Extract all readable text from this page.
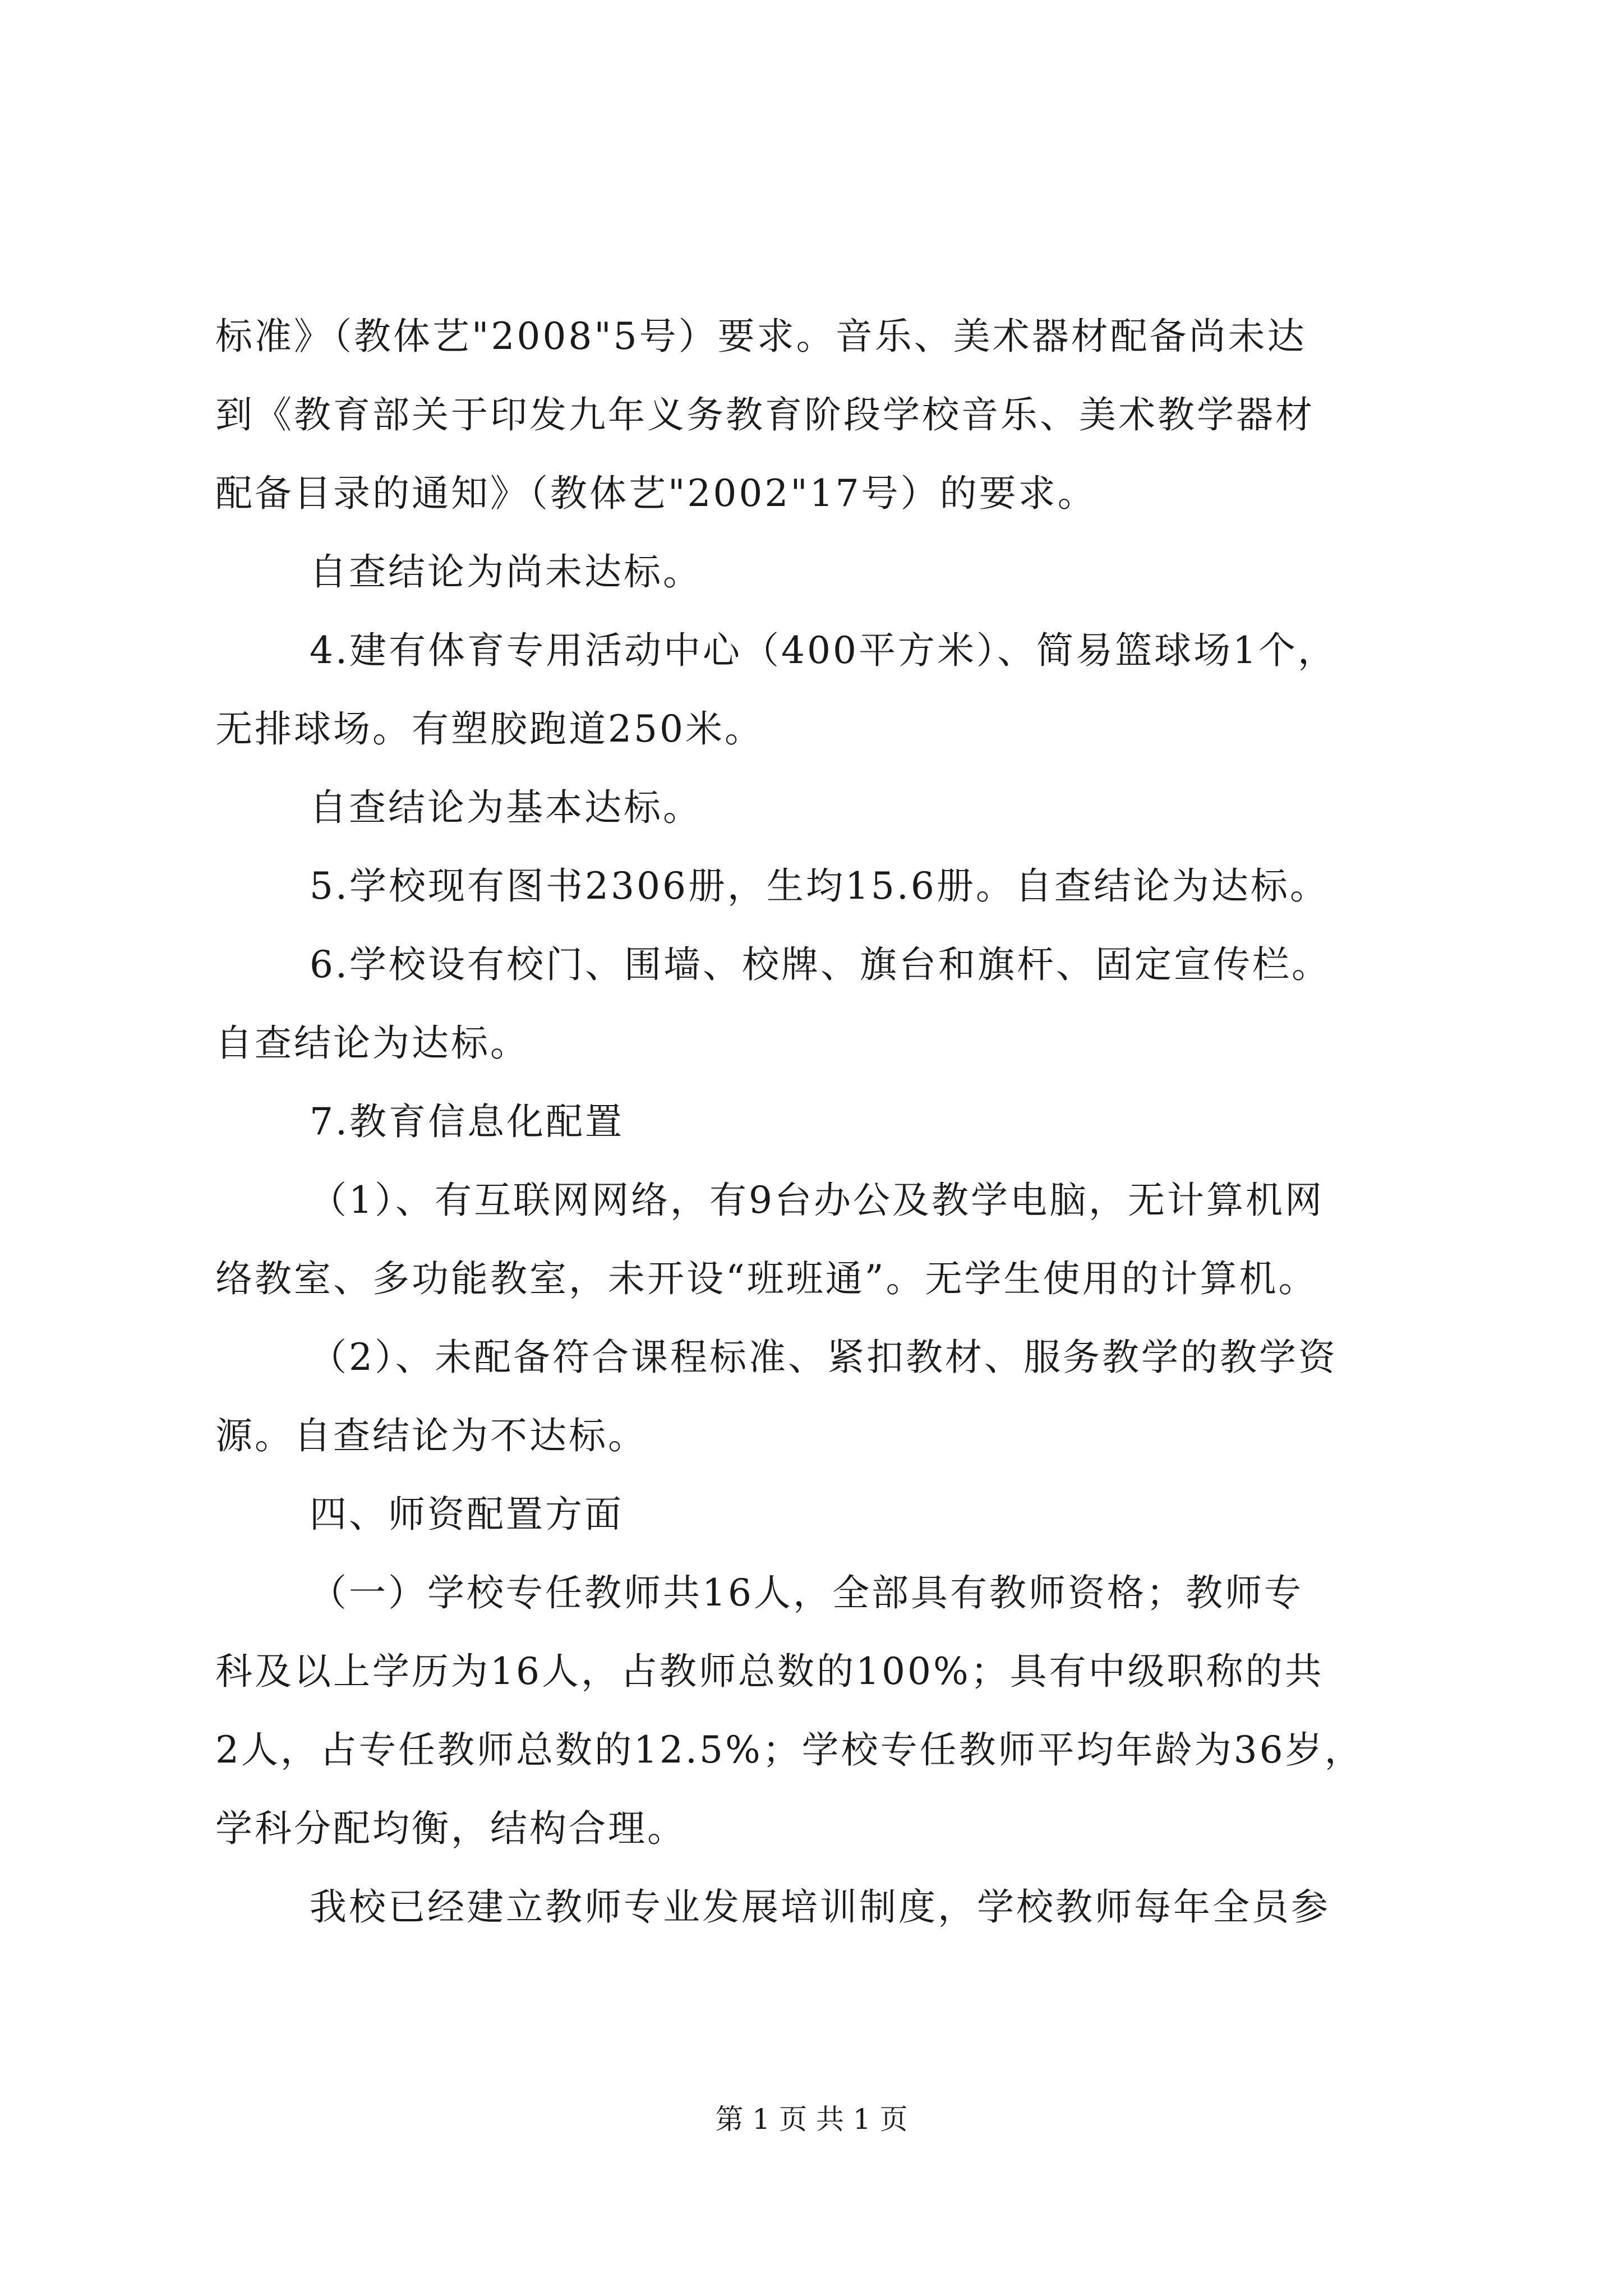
标准》（教体艺"2008"5号）要求。音乐、美术器材配备尚未达
到《教育部关于印发九年义务教育阶段学校音乐、美术教学器材
配备目录的通知》（教体艺"2002"17号）的要求。
自查结论为尚未达标。
4.建有体育专用活动中心（400平方米）、简易篮球场1个，
无排球场。有塑胶跑道250米。
自查结论为基本达标。
5.学校现有图书2306册，生均15.6册。自查结论为达标。
6.学校设有校门、围墙、校牌、旗台和旗杆、固定宣传栏。
自查结论为达标。
7.教育信息化配置
（1）、有互联网网络，有9台办公及教学电脑，无计算机网
络教室、多功能教室，未开设“班班通”。无学生使用的计算机。
（2）、未配备符合课程标准、紧扣教材、服务教学的教学资
源。自查结论为不达标。
四、师资配置方面
（一）学校专任教师共16人，全部具有教师资格；教师专
科及以上学历为16人，占教师总数的100%；具有中级职称的共
2人，占专任教师总数的12.5%；学校专任教师平均年龄为36岁，
学科分配均衡，结构合理。
我校已经建立教师专业发展培训制度，学校教师每年全员参
第 1 页 共 1 页
